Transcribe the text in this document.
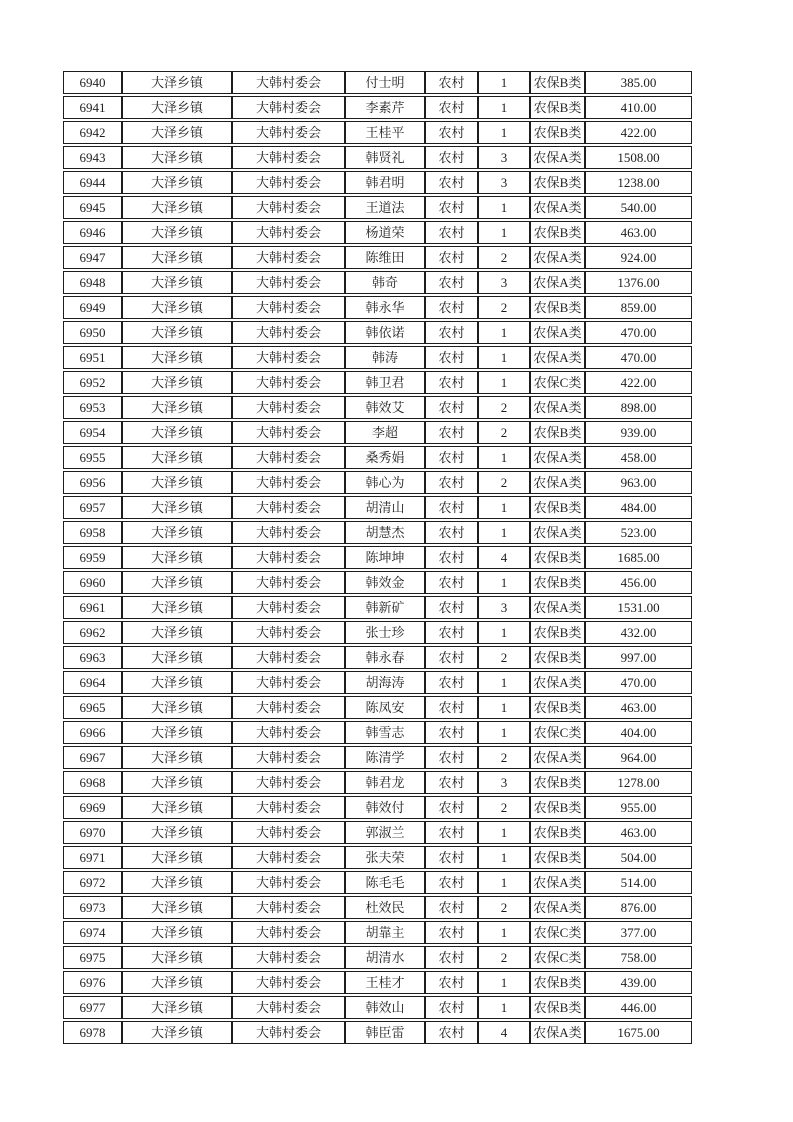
6940	大泽乡镇	大韩村委会	付士明	农村	1	农保B类	385.00
6941	大泽乡镇	大韩村委会	李素芹	农村	1	农保B类	410.00
6942	大泽乡镇	大韩村委会	王桂平	农村	1	农保B类	422.00
6943	大泽乡镇	大韩村委会	韩贤礼	农村	3	农保A类	1508.00
6944	大泽乡镇	大韩村委会	韩君明	农村	3	农保B类	1238.00
6945	大泽乡镇	大韩村委会	王道法	农村	1	农保A类	540.00
6946	大泽乡镇	大韩村委会	杨道荣	农村	1	农保B类	463.00
6947	大泽乡镇	大韩村委会	陈维田	农村	2	农保A类	924.00
6948	大泽乡镇	大韩村委会	韩奇	农村	3	农保A类	1376.00
6949	大泽乡镇	大韩村委会	韩永华	农村	2	农保B类	859.00
6950	大泽乡镇	大韩村委会	韩依诺	农村	1	农保A类	470.00
6951	大泽乡镇	大韩村委会	韩涛	农村	1	农保A类	470.00
6952	大泽乡镇	大韩村委会	韩卫君	农村	1	农保C类	422.00
6953	大泽乡镇	大韩村委会	韩效艾	农村	2	农保A类	898.00
6954	大泽乡镇	大韩村委会	李超	农村	2	农保B类	939.00
6955	大泽乡镇	大韩村委会	桑秀娟	农村	1	农保A类	458.00
6956	大泽乡镇	大韩村委会	韩心为	农村	2	农保A类	963.00
6957	大泽乡镇	大韩村委会	胡清山	农村	1	农保B类	484.00
6958	大泽乡镇	大韩村委会	胡慧杰	农村	1	农保A类	523.00
6959	大泽乡镇	大韩村委会	陈坤坤	农村	4	农保B类	1685.00
6960	大泽乡镇	大韩村委会	韩效金	农村	1	农保B类	456.00
6961	大泽乡镇	大韩村委会	韩新矿	农村	3	农保A类	1531.00
6962	大泽乡镇	大韩村委会	张士珍	农村	1	农保B类	432.00
6963	大泽乡镇	大韩村委会	韩永春	农村	2	农保B类	997.00
6964	大泽乡镇	大韩村委会	胡海涛	农村	1	农保A类	470.00
6965	大泽乡镇	大韩村委会	陈凤安	农村	1	农保B类	463.00
6966	大泽乡镇	大韩村委会	韩雪志	农村	1	农保C类	404.00
6967	大泽乡镇	大韩村委会	陈清学	农村	2	农保A类	964.00
6968	大泽乡镇	大韩村委会	韩君龙	农村	3	农保B类	1278.00
6969	大泽乡镇	大韩村委会	韩效付	农村	2	农保B类	955.00
6970	大泽乡镇	大韩村委会	郭淑兰	农村	1	农保B类	463.00
6971	大泽乡镇	大韩村委会	张夫荣	农村	1	农保B类	504.00
6972	大泽乡镇	大韩村委会	陈毛毛	农村	1	农保A类	514.00
6973	大泽乡镇	大韩村委会	杜效民	农村	2	农保A类	876.00
6974	大泽乡镇	大韩村委会	胡靠主	农村	1	农保C类	377.00
6975	大泽乡镇	大韩村委会	胡清水	农村	2	农保C类	758.00
6976	大泽乡镇	大韩村委会	王桂才	农村	1	农保B类	439.00
6977	大泽乡镇	大韩村委会	韩效山	农村	1	农保B类	446.00
6978	大泽乡镇	大韩村委会	韩臣雷	农村	4	农保A类	1675.00
